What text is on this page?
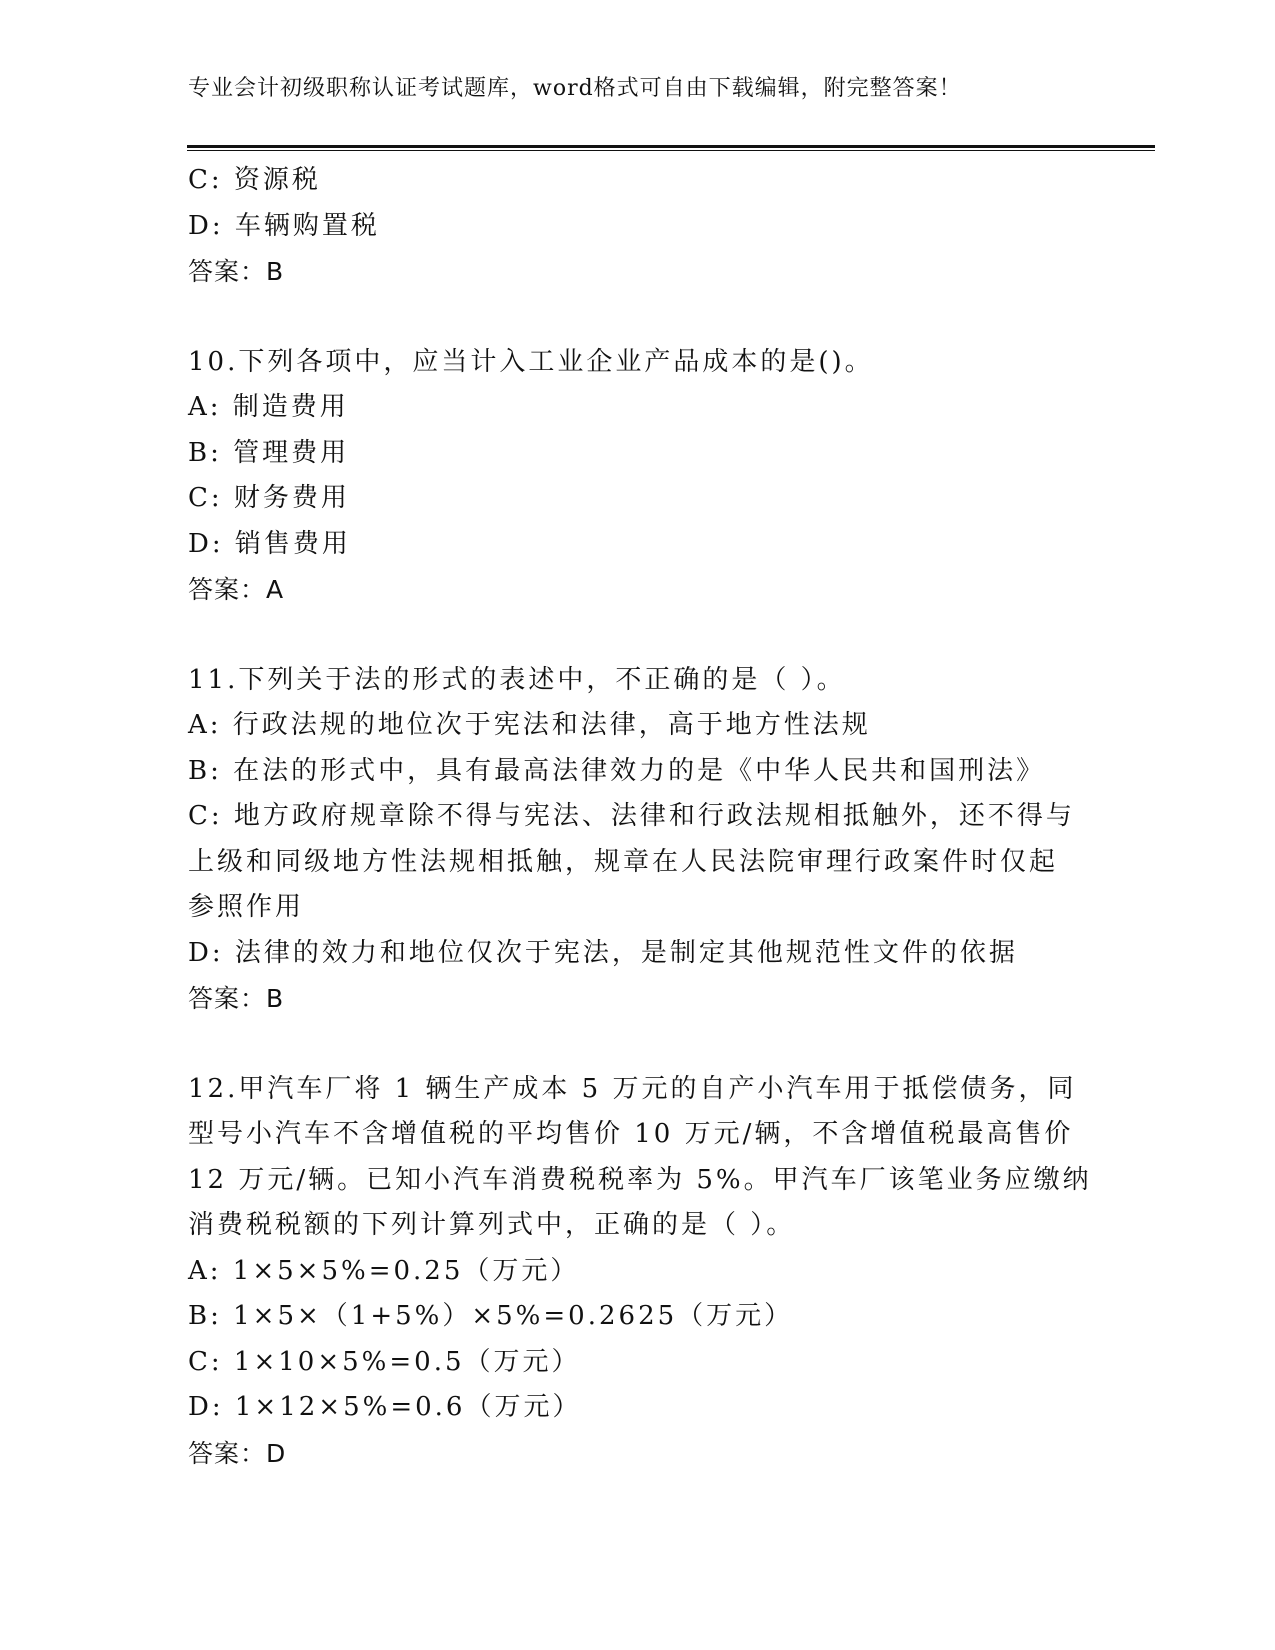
专业会计初级职称认证考试题库，word格式可自由下载编辑，附完整答案！
C: 资源税
D: 车辆购置税
答案：B
10.下列各项中，应当计入工业企业产品成本的是()。
A: 制造费用
B: 管理费用
C: 财务费用
D: 销售费用
答案：A
11.下列关于法的形式的表述中，不正确的是（ ）。
A: 行政法规的地位次于宪法和法律，高于地方性法规
B: 在法的形式中，具有最高法律效力的是《中华人民共和国刑法》
C: 地方政府规章除不得与宪法、法律和行政法规相抵触外，还不得与
上级和同级地方性法规相抵触，规章在人民法院审理行政案件时仅起
参照作用
D: 法律的效力和地位仅次于宪法，是制定其他规范性文件的依据
答案：B
12.甲汽车厂将 1 辆生产成本 5 万元的自产小汽车用于抵偿债务，同
型号小汽车不含增值税的平均售价 10 万元/辆，不含增值税最高售价
12 万元/辆。已知小汽车消费税税率为 5%。甲汽车厂该笔业务应缴纳
消费税税额的下列计算列式中，正确的是（ ）。
A: 1×5×5%=0.25（万元）
B: 1×5×（1+5%）×5%=0.2625（万元）
C: 1×10×5%=0.5（万元）
D: 1×12×5%=0.6（万元）
答案：D
